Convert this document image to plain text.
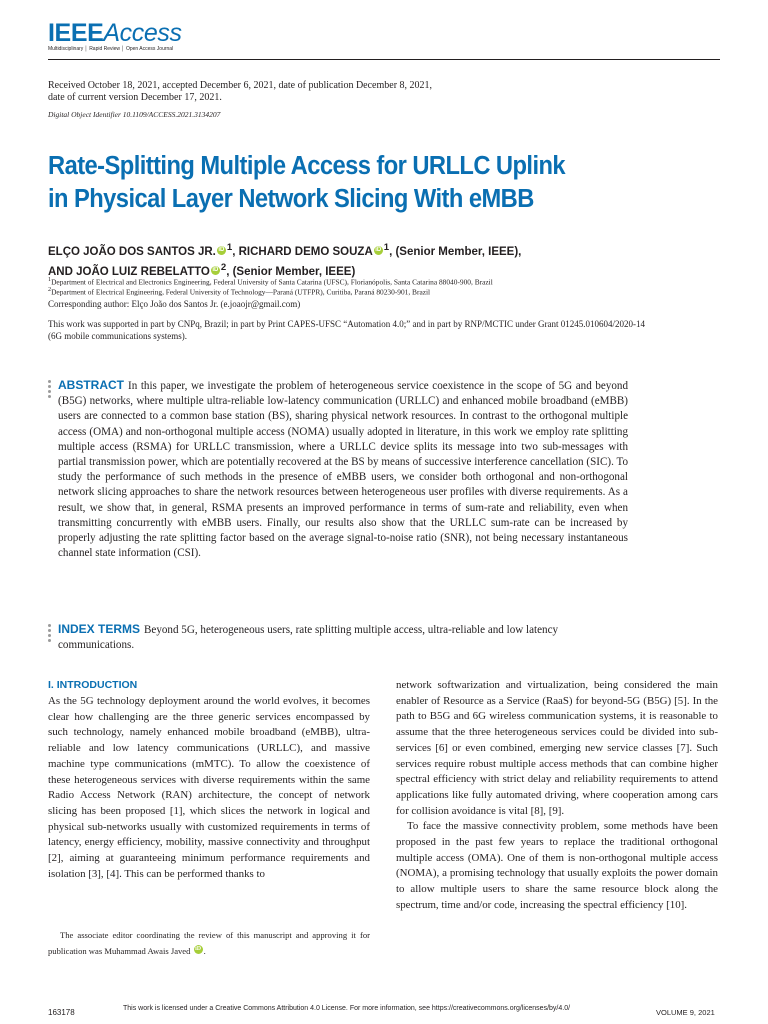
IEEEAccess
Multidisciplinary │ Rapid Review │ Open Access Journal
Received October 18, 2021, accepted December 6, 2021, date of publication December 8, 2021,
date of current version December 17, 2021.
Digital Object Identifier 10.1109/ACCESS.2021.3134207
Rate-Splitting Multiple Access for URLLC Uplink
in Physical Layer Network Slicing With eMBB
ELÇO JOÃO DOS SANTOS JR. iD $^1$, RICHARD DEMO SOUZA iD $^1$, (Senior Member, IEEE),
AND JOÃO LUIZ REBELATTO iD $^2$, (Senior Member, IEEE)
$^1$Department of Electrical and Electronics Engineering, Federal University of Santa Catarina (UFSC), Florianópolis, Santa Catarina 88040-900, Brazil
$^2$Department of Electrical Engineering, Federal University of Technology—Paraná (UTFPR), Curitiba, Paraná 80230-901, Brazil
Corresponding author: Elço João dos Santos Jr. (e.joaojr@gmail.com)
This work was supported in part by CNPq, Brazil; in part by Print CAPES-UFSC “Automation 4.0;” and in part by RNP/MCTIC under Grant 01245.010604/2020-14 (6G mobile communications systems).
ABSTRACT In this paper, we investigate the problem of heterogeneous service coexistence in the scope of 5G and beyond (B5G) networks, where multiple ultra-reliable low-latency communication (URLLC) and enhanced mobile broadband (eMBB) users are connected to a common base station (BS), sharing physical network resources. In contrast to the orthogonal multiple access (OMA) and non-orthogonal multiple access (NOMA) usually adopted in literature, in this work we employ rate splitting multiple access (RSMA) for URLLC transmission, where a URLLC device splits its message into two sub-messages with partial transmission power, which are potentially recovered at the BS by means of successive interference cancellation (SIC). To study the performance of such methods in the presence of eMBB users, we consider both orthogonal and non-orthogonal network slicing approaches to share the network resources between heterogeneous user profiles with diverse requirements. As a result, we show that, in general, RSMA presents an improved performance in terms of sum-rate and reliability, even when transmitting concurrently with eMBB users. Finally, our results also show that the URLLC sum-rate can be increased by properly adjusting the rate splitting factor based on the average signal-to-noise ratio (SNR), not being necessary instantaneous channel state information (CSI).
INDEX TERMS Beyond 5G, heterogeneous users, rate splitting multiple access, ultra-reliable and low latency communications.
I. INTRODUCTION

As the 5G technology deployment around the world evolves, it becomes clear how challenging are the three generic services encompassed by such technology, namely enhanced mobile broadband (eMBB), ultra-reliable and low latency communications (URLLC), and massive machine type communications (mMTC). To allow the coexistence of these heterogeneous services with diverse requirements within the same Radio Access Network (RAN) architecture, the concept of network slicing has been proposed [1], which slices the network in logical and physical sub-networks usually with customized requirements in terms of latency, energy efficiency, mobility, massive connectivity and throughput [2], aiming at guaranteeing minimum performance requirements and isolation [3], [4]. This can be performed thanks to

network softwarization and virtualization, being considered the main enabler of Resource as a Service (RaaS) for beyond-5G (B5G) [5]. In the path to B5G and 6G wireless communication systems, it is reasonable to assume that the three heterogeneous services could be divided into sub-services [6] or even combined, emerging new service classes [7]. Such services require robust multiple access methods that can combine higher spectral efficiency with strict delay and reliability requirements to attend applications like fully automated driving, where cooperation among cars for collision avoidance is vital [8], [9].

To face the massive connectivity problem, some methods have been proposed in the past few years to replace the traditional orthogonal multiple access (OMA). One of them is non-orthogonal multiple access (NOMA), a promising technology that usually exploits the power domain to allow multiple users to share the same resource block along the spectrum, time and/or code, increasing the spectral efficiency [10].

The associate editor coordinating the review of this manuscript and approving it for publication was Muhammad Awais Javed iD .
163178	This work is licensed under a Creative Commons Attribution 4.0 License. For more information, see https://creativecommons.org/licenses/by/4.0/	VOLUME 9, 2021
